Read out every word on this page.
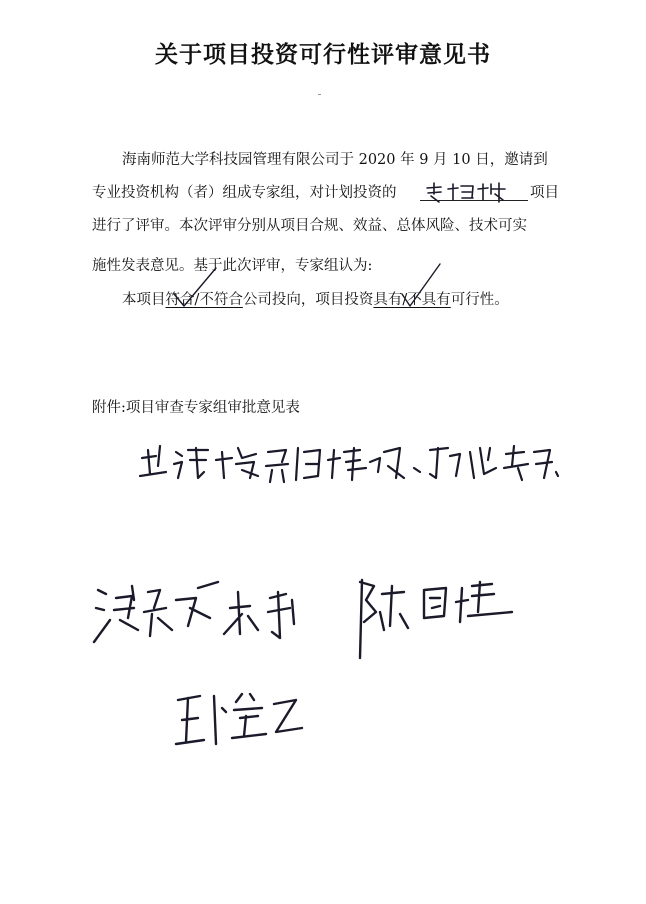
关于项目投资可行性评审意见书
海南师范大学科技园管理有限公司于 2020 年 9 月 10 日，邀请到
专业投资机构（者）组成专家组，对计划投资的	项目
进行了评审。本次评审分别从项目合规、效益、总体风险、技术可实
施性发表意见。基于此次评审，专家组认为:
本项目符合/不符合公司投向，项目投资具有/不具有可行性。
附件:项目审查专家组审批意见表
